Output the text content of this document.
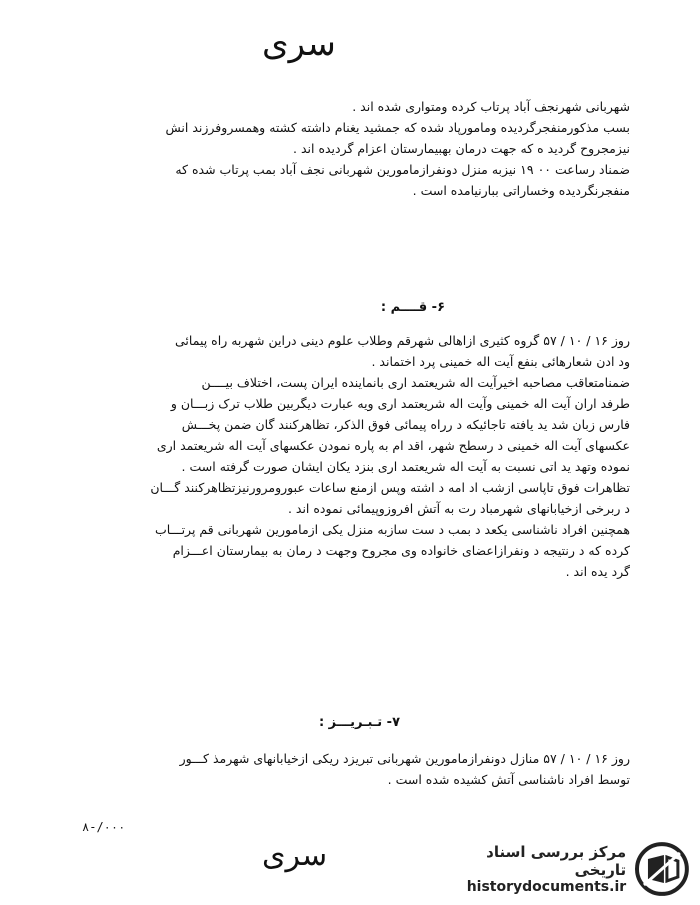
سری
شهربانی شهرنجف آباد پرتاب کرده ومتواری شده اند .
بسب مذکورمنفجرگردیده ومامورپاد شده که جمشید یغنام داشته کشته وهمسروفرزند انش
نیزمجروح گردید ه که جهت درمان بهبیمارستان اعزام گردیده اند .
ضمناد رساعت ۰۰ ۱۹ نیزبه منزل دونفرازمامورین شهربانی نجف آباد بمب پرتاب شده که
منفجرنگردیده وخساراتی ببارنیامده است .
۶- قــــم :
روز ۱۶ / ۱۰ / ۵۷ گروه کثیری ازاهالی شهرقم وطلاب علوم دینی دراین شهربه راه پیمائی
ود ادن شعارهائی بنفع آیت اله خمینی پرد اختماند .
ضمنامتعاقب مصاحبه اخیرآیت اله شریعتمد اری بانماینده ایران پست، اختلاف بیــــن
طرفد اران آیت اله خمینی وآیت اله شریعتمد اری ویه عبارت دیگربین طلاب ترک زبـــان و
فارس زبان شد ید یافته تاجائیکه د رراه پیمائی فوق الذکر، تظاهرکنند گان ضمن پخـــش
عکسهای آیت اله خمینی د رسطح شهر، اقد ام به پاره نمودن عکسهای آیت اله شریعتمد اری
نموده وتهد ید اتی نسبت به آیت اله شریعتمد اری بنزد یکان ایشان صورت گرفته است .
تظاهرات فوق تاپاسی ازشب اد امه د اشته وپس ازمنع ساعات عبورومرورنیزتظاهرکنند گـــان
د ربرخی ازخیابانهای شهرمباد رت به آتش افروزوپیمائی نموده اند .
همچنین افراد ناشناسی یکعد د بمب د ست سازبه منزل یکی ازمامورین شهربانی قم پرتـــاب
کرده که د رنتیجه د ونفرازاعضای خانواده وی مجروح وجهت د رمان به بیمارستان اعـــزام
گرد یده اند .
۷- تـبـریـــز :
روز ۱۶ / ۱۰ / ۵۷ منازل دونفرازمامورین شهربانی تبریزد ریکی ازخیابانهای شهرمذ کـــور
توسط افراد ناشناسی آتش کشیده شده است .
۸-/۰۰۰
سری	مرکز بررسی اسناد تاریخی
historydocuments.ir
